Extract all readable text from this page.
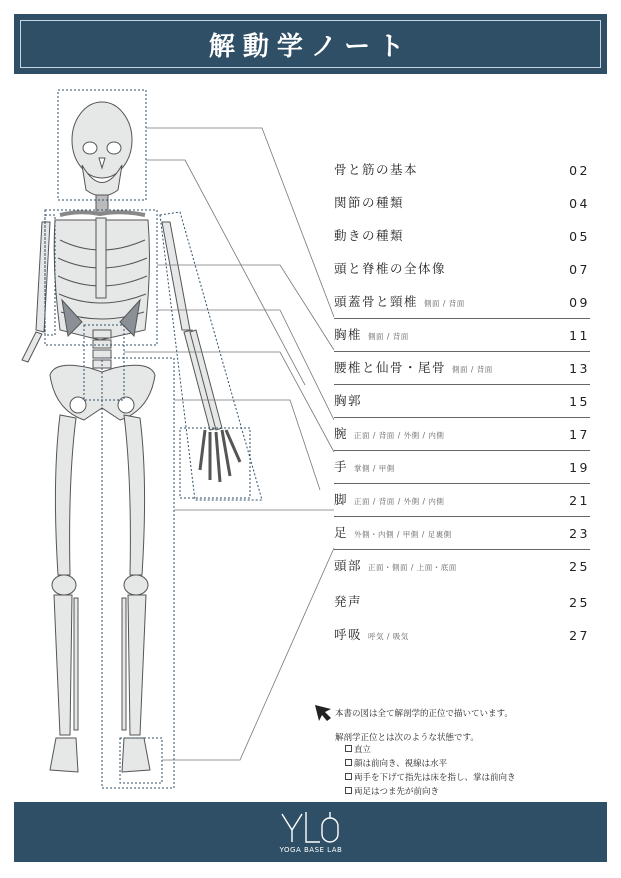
解動学ノート
骨と筋の基本	02
関節の種類	04
動きの種類	05
頭と脊椎の全体像	07
頭蓋骨と頸椎 側面 / 背面	09
胸椎 側面 / 背面	11
腰椎と仙骨・尾骨 側面 / 背面	13
胸郭	15
腕正面 / 背面 / 外側 / 内側	17
手掌側 / 甲側	19
脚正面 / 背面 / 外側 / 内側	21
足外側・内側 / 甲側 / 足裏側	23
頭部 正面・側面 / 上面・底面	25
発声	25
呼吸 呼気 / 吸気	27
本書の図は全て解剖学的正位で描いています。
解剖学正位とは次のような状態です。
直立
顔は前向き、視線は水平
両手を下げて指先は床を指し、掌は前向き
両足はつま先が前向き
YOGA BASE LAB
